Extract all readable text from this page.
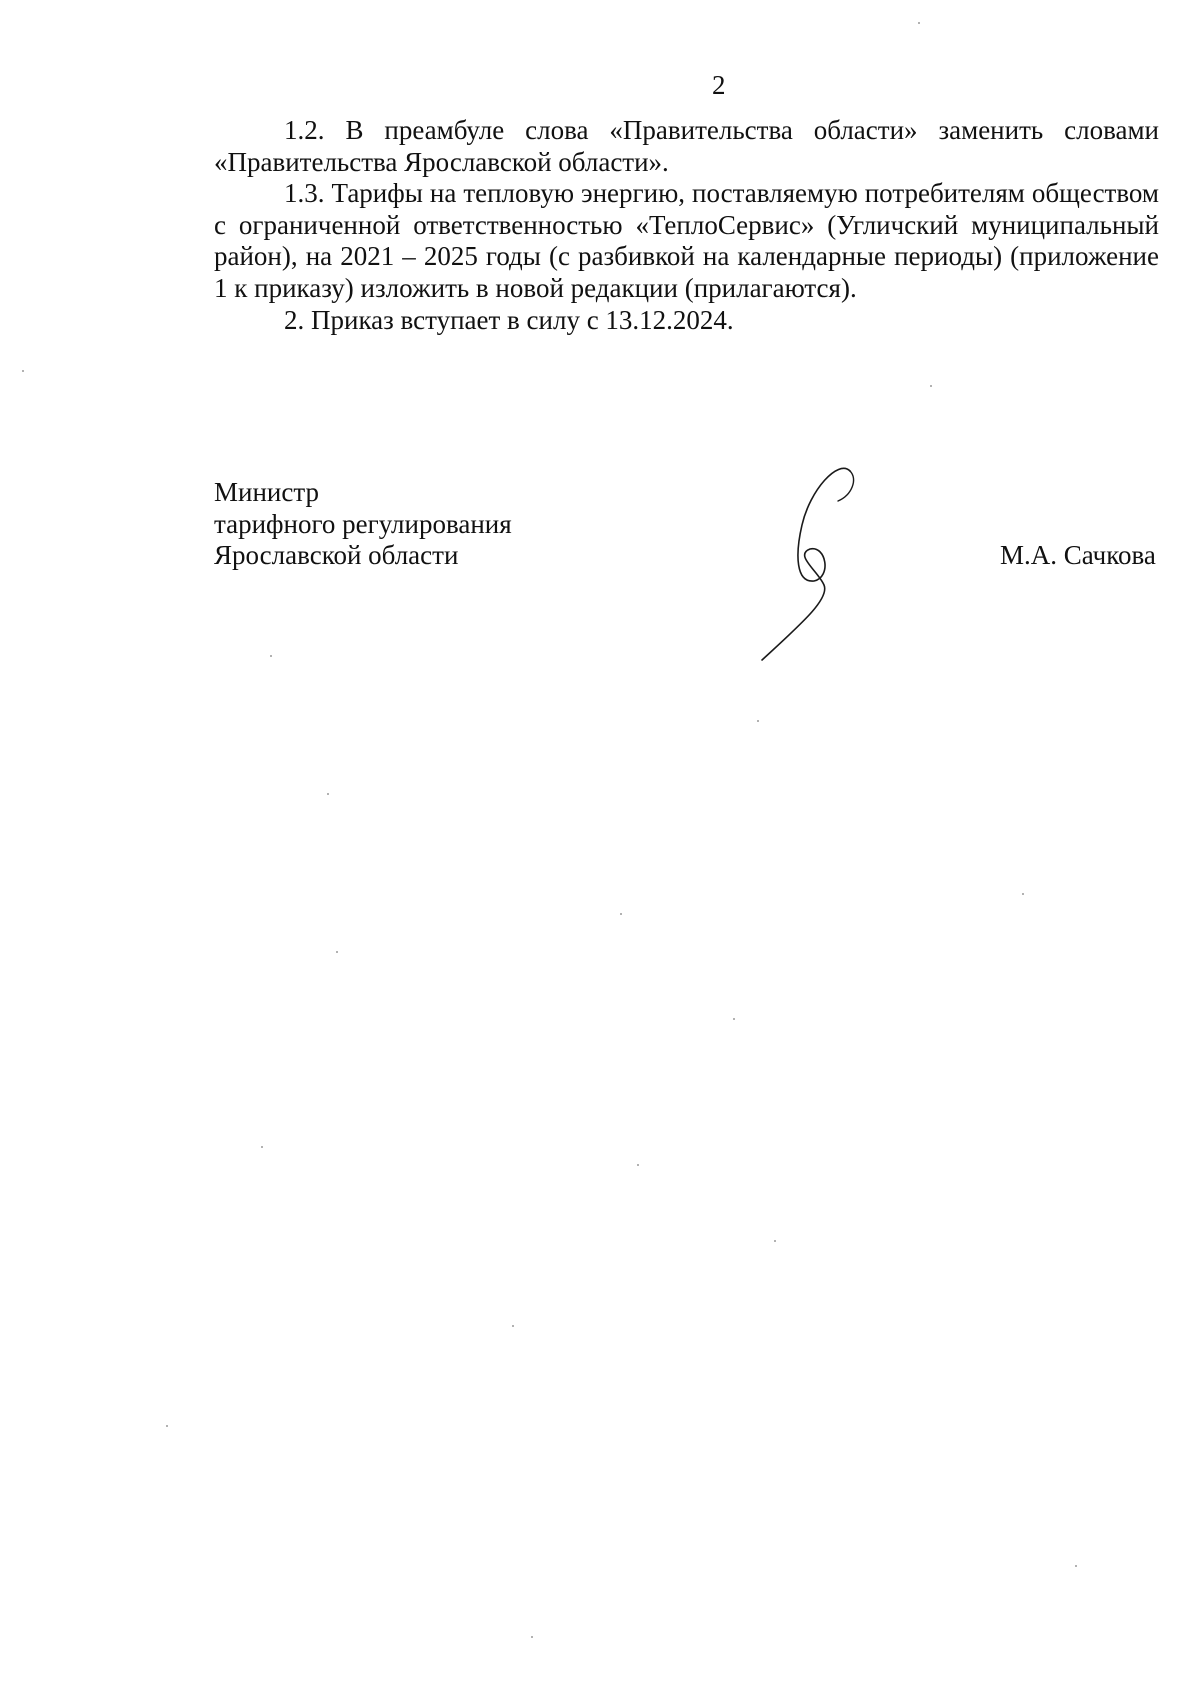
2

1.2. В преамбуле слова «Правительства области» заменить словами «Правительства Ярославской области».

1.3. Тарифы на тепловую энергию, поставляемую потребителям обществом с ограниченной ответственностью «ТеплоСервис» (Угличский муниципальный район), на 2021 – 2025 годы (с разбивкой на календарные периоды) (приложение 1 к приказу) изложить в новой редакции (прилагаются).

2. Приказ вступает в силу с 13.12.2024.

Министр
тарифного регулирования
Ярославской области	М.А. Сачкова
